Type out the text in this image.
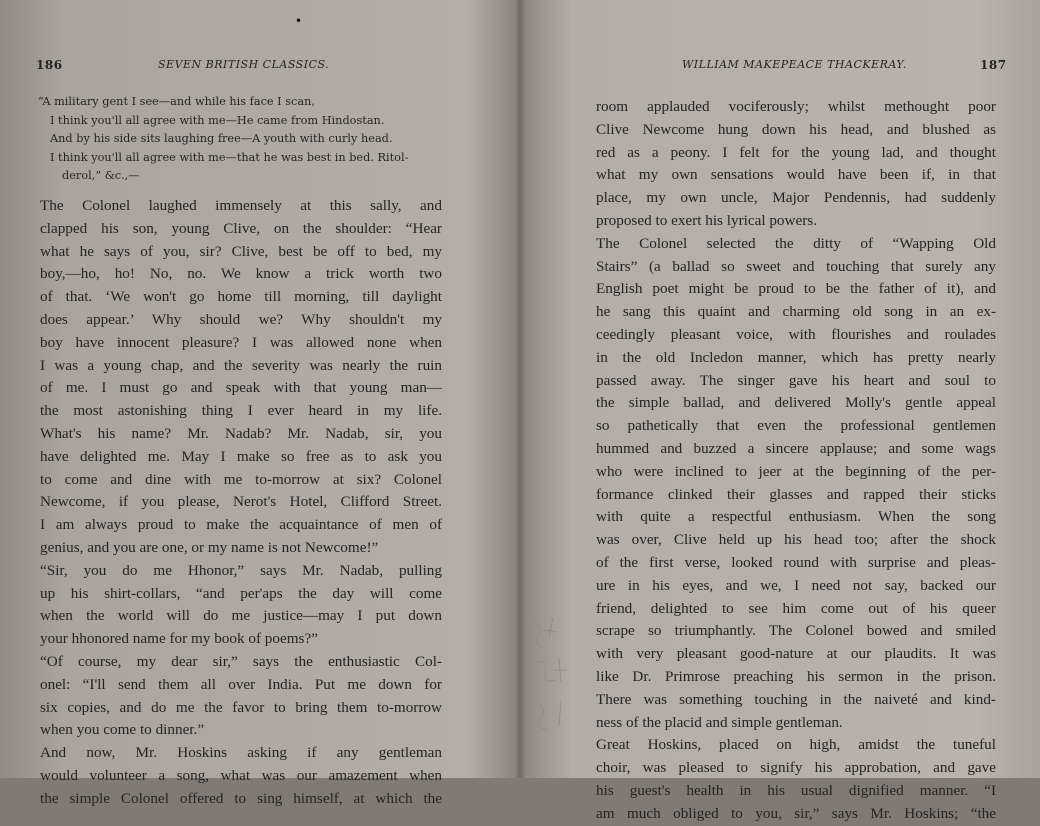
•
186	SEVEN BRITISH CLASSICS.
“A military gent I see—and while his face I scan,
I think you'll all agree with me—He came from Hindostan.
And by his side sits laughing free—A youth with curly head.
I think you'll all agree with me—that he was best in bed. Ritol-
derol,” &c.,—
The Colonel laughed immensely at this sally, and
clapped his son, young Clive, on the shoulder: “Hear
what he says of you, sir? Clive, best be off to bed, my
boy,—ho, ho! No, no. We know a trick worth two
of that. ‘We won't go home till morning, till daylight
does appear.’ Why should we? Why shouldn't my
boy have innocent pleasure? I was allowed none when
I was a young chap, and the severity was nearly the ruin
of me. I must go and speak with that young man—
the most astonishing thing I ever heard in my life.
What's his name? Mr. Nadab? Mr. Nadab, sir, you
have delighted me. May I make so free as to ask you
to come and dine with me to-morrow at six? Colonel
Newcome, if you please, Nerot's Hotel, Clifford Street.
I am always proud to make the acquaintance of men of
genius, and you are one, or my name is not Newcome!”
“Sir, you do me Hhonor,” says Mr. Nadab, pulling
up his shirt-collars, “and per'aps the day will come
when the world will do me justice—may I put down
your hhonored name for my book of poems?”
“Of course, my dear sir,” says the enthusiastic Col-
onel: “I'll send them all over India. Put me down for
six copies, and do me the favor to bring them to-morrow
when you come to dinner.”
And now, Mr. Hoskins asking if any gentleman
would volunteer a song, what was our amazement when
the simple Colonel offered to sing himself, at which the
WILLIAM MAKEPEACE THACKERAY.	187
room applauded vociferously; whilst methought poor
Clive Newcome hung down his head, and blushed as
red as a peony. I felt for the young lad, and thought
what my own sensations would have been if, in that
place, my own uncle, Major Pendennis, had suddenly
proposed to exert his lyrical powers.
The Colonel selected the ditty of “Wapping Old
Stairs” (a ballad so sweet and touching that surely any
English poet might be proud to be the father of it), and
he sang this quaint and charming old song in an ex-
ceedingly pleasant voice, with flourishes and roulades
in the old Incledon manner, which has pretty nearly
passed away. The singer gave his heart and soul to
the simple ballad, and delivered Molly's gentle appeal
so pathetically that even the professional gentlemen
hummed and buzzed a sincere applause; and some wags
who were inclined to jeer at the beginning of the per-
formance clinked their glasses and rapped their sticks
with quite a respectful enthusiasm. When the song
was over, Clive held up his head too; after the shock
of the first verse, looked round with surprise and pleas-
ure in his eyes, and we, I need not say, backed our
friend, delighted to see him come out of his queer
scrape so triumphantly. The Colonel bowed and smiled
with very pleasant good-nature at our plaudits. It was
like Dr. Primrose preaching his sermon in the prison.
There was something touching in the naiveté and kind-
ness of the placid and simple gentleman.
Great Hoskins, placed on high, amidst the tuneful
choir, was pleased to signify his approbation, and gave
his guest's health in his usual dignified manner. “I
am much obliged to you, sir,” says Mr. Hoskins; “the
